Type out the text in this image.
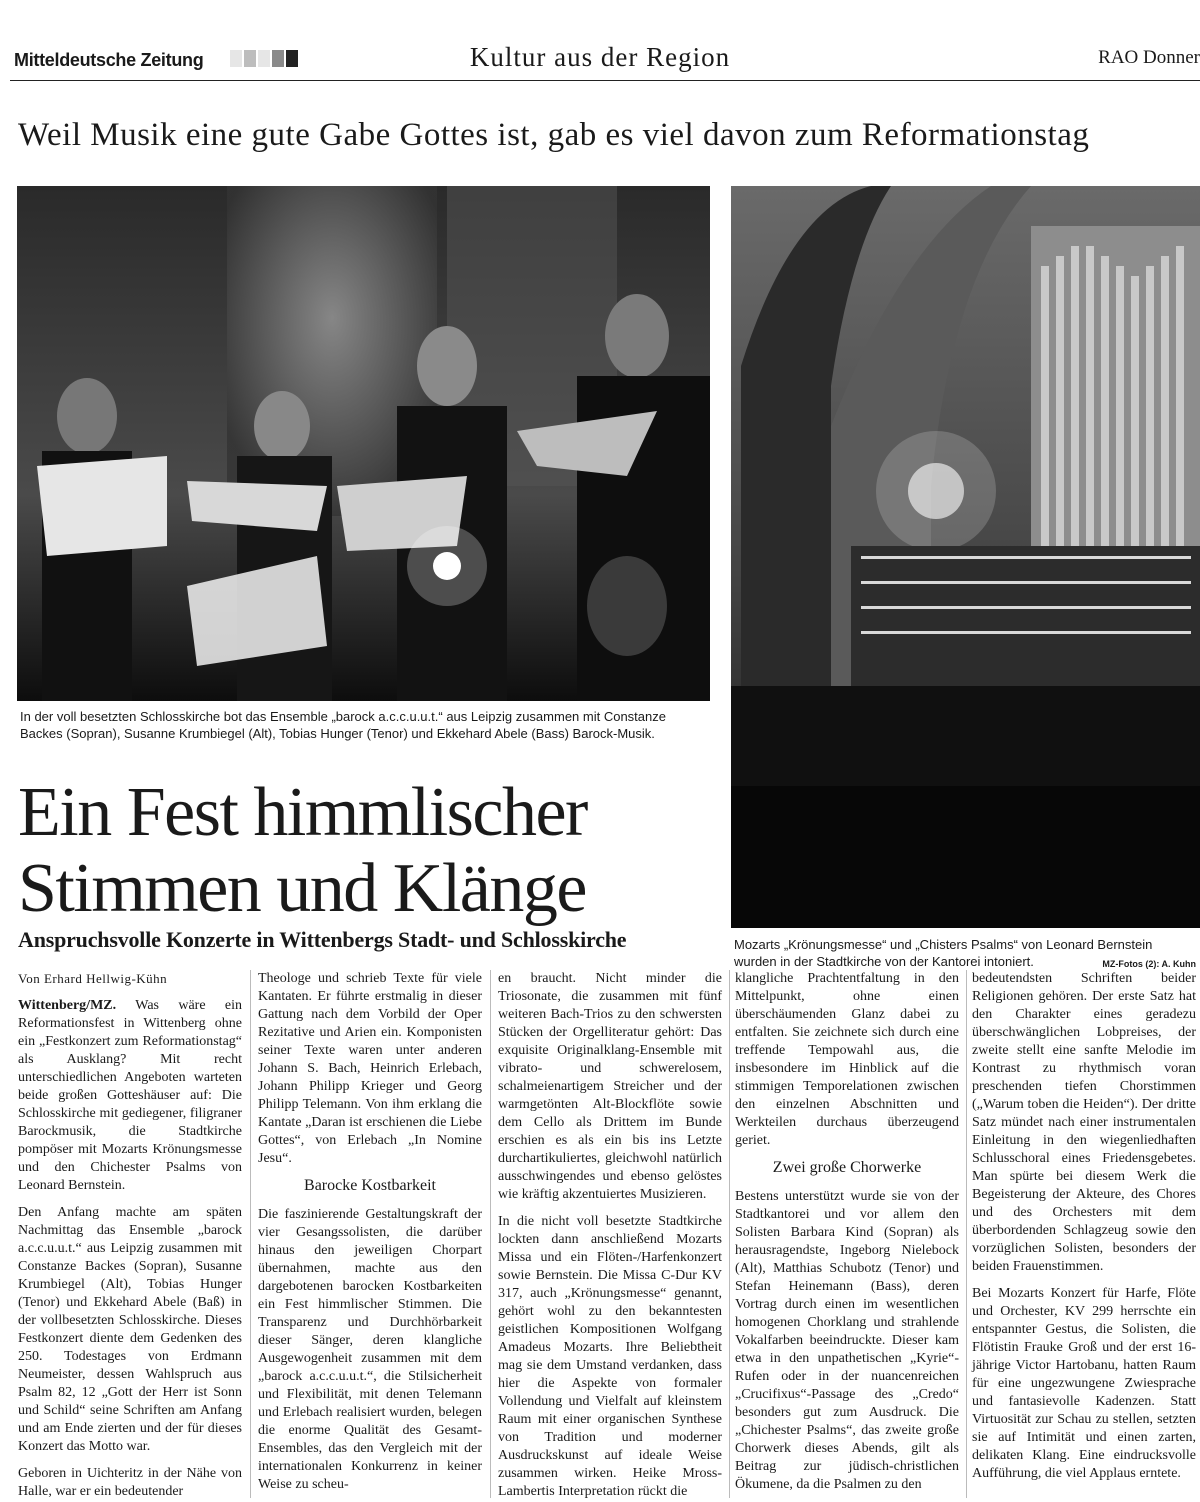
Mitteldeutsche Zeitung	Kultur aus der Region	RAO Donner
Weil Musik eine gute Gabe Gottes ist, gab es viel davon zum Reformationstag
In der voll besetzten Schlosskirche bot das Ensemble „barock a.c.c.u.u.t.“ aus Leipzig zusammen mit Constanze Backes (Sopran), Susanne Krumbiegel (Alt), Tobias Hunger (Tenor) und Ekkehard Abele (Bass) Barock-Musik.
Mozarts „Krönungsmesse“ und „Chisters Psalms“ von Leonard Bernstein wurden in der Stadtkirche von der Kantorei intoniert.	MZ-Fotos (2): A. Kuhn
Ein Fest himmlischer
Stimmen und Klänge
Anspruchsvolle Konzerte in Wittenbergs Stadt- und Schlosskirche

Von Erhard Hellwig-Kühn

Wittenberg/MZ. Was wäre ein Reformationsfest in Wittenberg ohne ein „Festkonzert zum Reformationstag“ als Ausklang? Mit recht unterschiedlichen Angeboten warteten beide großen Gotteshäuser auf: Die Schlosskirche mit gediegener, filigraner Barockmusik, die Stadtkirche pompöser mit Mozarts Krönungsmesse und den Chichester Psalms von Leonard Bernstein.

Den Anfang machte am späten Nachmittag das Ensemble „barock a.c.c.u.u.t.“ aus Leipzig zusammen mit Constanze Backes (Sopran), Susanne Krumbiegel (Alt), Tobias Hunger (Tenor) und Ekkehard Abele (Baß) in der vollbesetzten Schlosskirche. Dieses Festkonzert diente dem Gedenken des 250. Todestages von Erdmann Neumeister, dessen Wahlspruch aus Psalm 82, 12 „Gott der Herr ist Sonn und Schild“ seine Schriften am Anfang und am Ende zierten und der für dieses Konzert das Motto war.

Geboren in Uichteritz in der Nähe von Halle, war er ein bedeutender

Theologe und schrieb Texte für vielе Kantaten. Er führte erstmalig in dieser Gattung nach dem Vorbild der Oper Rezitative und Arien ein. Komponisten seiner Texte waren unter anderen Johann S. Bach, Heinrich Erlebach, Johann Philipp Krieger und Georg Philipp Telemann. Von ihm erklang die Kantate „Daran ist erschienen die Liebe Gottes“, von Erlebach „In Nomine Jesu“.

Barocke Kostbarkeit

Die faszinierende Gestaltungskraft der vier Gesangssolisten, die darüber hinaus den jeweiligen Chorpart übernahmen, machte aus den dargebotenen barocken Kostbarkeiten ein Fest himmlischer Stimmen. Die Transparenz und Durchhörbarkeit dieser Sänger, deren klangliche Ausgewogenheit zusammen mit dem „barock a.c.c.u.u.t.“, die Stilsicherheit und Flexibilität, mit denen Telemann und Erlebach realisiert wurden, belegen die enorme Qualität des Gesamt-Ensembles, das den Vergleich mit der internationalen Konkurrenz in keiner Weise zu scheu-

en braucht. Nicht minder die Triosonate, die zusammen mit fünf weiteren Bach-Trios zu den schwersten Stücken der Orgelliteratur gehört: Das exquisite Originalklang-Ensemble mit vibrato- und schwerelosem, schalmeienartigem Streicher und der warmgetönten Alt-Blockflöte sowie dem Cello als Drittem im Bunde erschien es als ein bis ins Letzte durchartikuliertes, gleichwohl natürlich ausschwingendes und ebenso gelöstes wie kräftig akzentuiertes Musizieren.

In die nicht voll besetzte Stadtkirche lockten dann anschließend Mozarts Missa und ein Flöten-/Harfenkonzert sowie Bernstein. Die Missa C-Dur KV 317, auch „Krönungsmesse“ genannt, gehört wohl zu den bekanntesten geistlichen Kompositionen Wolfgang Amadeus Mozarts. Ihre Beliebtheit mag sie dem Umstand verdanken, dass hier die Aspekte von formaler Vollendung und Vielfalt auf kleinstem Raum mit einer organischen Synthese von Tradition und moderner Ausdruckskunst auf ideale Weise zusammen wirken. Heike Mross-Lambertis Interpretation rückt die

klangliche Prachtentfaltung in den Mittelpunkt, ohne einen überschäumenden Glanz dabei zu entfalten. Sie zeichnete sich durch eine treffende Tempowahl aus, die insbesondere im Hinblick auf die stimmigen Temporelationen zwischen den einzelnen Abschnitten und Werkteilen durchaus überzeugend geriet.

Zwei große Chorwerke

Bestens unterstützt wurde sie von der Stadtkantorei und vor allem den Solisten Barbara Kind (Sopran) als herausragendste, Ingeborg Nielebock (Alt), Matthias Schubotz (Tenor) und Stefan Heinemann (Bass), deren Vortrag durch einen im wesentlichen homogenen Chorklang und strahlende Vokalfarben beeindruckte. Dieser kam etwa in den unpathetischen „Kyrie“-Rufen oder in der nuancenreichen „Crucifixus“-Passage des „Credo“ besonders gut zum Ausdruck. Die „Chichester Psalms“, das zweite große Chorwerk dieses Abends, gilt als Beitrag zur jüdisch-christlichen Ökumene, da die Psalmen zu den

bedeutendsten Schriften beider Religionen gehören. Der erste Satz hat den Charakter eines geradezu überschwänglichen Lobpreises, der zweite stellt eine sanfte Melodie im Kontrast zu rhythmisch voran preschenden tiefen Chorstimmen („Warum toben die Heiden“). Der dritte Satz mündet nach einer instrumentalen Einleitung in den wiegenliedhaften Schlusschoral eines Friedensgebetes. Man spürte bei diesem Werk die Begeisterung der Akteure, des Chores und des Orchesters mit dem überbordenden Schlagzeug sowie den vorzüglichen Solisten, besonders der beiden Frauenstimmen.

Bei Mozarts Konzert für Harfe, Flöte und Orchester, KV 299 herrschte ein entspannter Gestus, die Solisten, die Flötistin Frauke Groß und der erst 16-jährige Victor Hartobanu, hatten Raum für eine ungezwungene Zwiesprache und fantasievolle Kadenzen. Statt Virtuosität zur Schau zu stellen, setzten sie auf Intimität und einen zarten, delikaten Klang. Eine eindrucksvolle Aufführung, die viel Applaus erntete.
